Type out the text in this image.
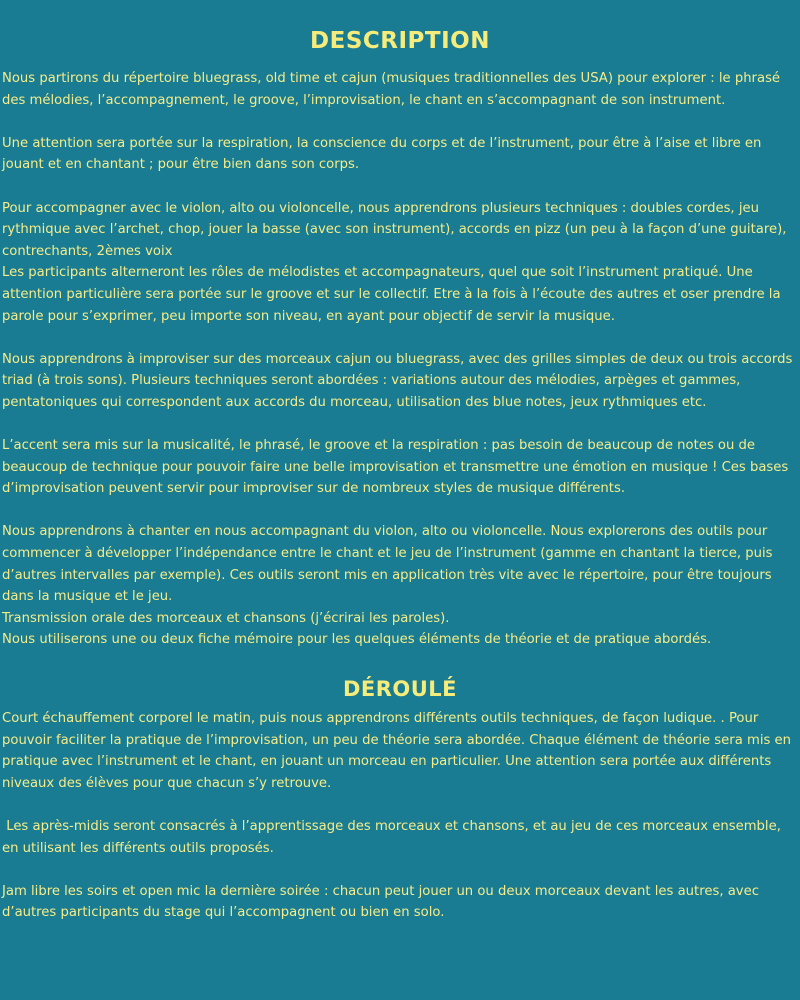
DESCRIPTION

Nous partirons du répertoire bluegrass, old time et cajun (musiques traditionnelles des USA) pour explorer : le phrasé des mélodies, l’accompagnement, le groove, l’improvisation, le chant en s’accompagnant de son instrument.

Une attention sera portée sur la respiration, la conscience du corps et de l’instrument, pour être à l’aise et libre en jouant et en chantant ; pour être bien dans son corps.

Pour accompagner avec le violon, alto ou violoncelle, nous apprendrons plusieurs techniques : doubles cordes, jeu rythmique avec l’archet, chop, jouer la basse (avec son instrument), accords en pizz (un peu à la façon d’une guitare), contrechants, 2èmes voix

Les participants alterneront les rôles de mélodistes et accompagnateurs, quel que soit l’instrument pratiqué. Une attention particulière sera portée sur le groove et sur le collectif. Etre à la fois à l’écoute des autres et oser prendre la parole pour s’exprimer, peu importe son niveau, en ayant pour objectif de servir la musique.

Nous apprendrons à improviser sur des morceaux cajun ou bluegrass, avec des grilles simples de deux ou trois accords triad (à trois sons). Plusieurs techniques seront abordées : variations autour des mélodies, arpèges et gammes, pentatoniques qui correspondent aux accords du morceau, utilisation des blue notes, jeux rythmiques etc.

L’accent sera mis sur la musicalité, le phrasé, le groove et la respiration : pas besoin de beaucoup de notes ou de beaucoup de technique pour pouvoir faire une belle improvisation et transmettre une émotion en musique ! Ces bases d’improvisation peuvent servir pour improviser sur de nombreux styles de musique différents.

Nous apprendrons à chanter en nous accompagnant du violon, alto ou violoncelle. Nous explorerons des outils pour commencer à développer l’indépendance entre le chant et le jeu de l’instrument (gamme en chantant la tierce, puis d’autres intervalles par exemple). Ces outils seront mis en application très vite avec le répertoire, pour être toujours dans la musique et le jeu.

Transmission orale des morceaux et chansons (j’écrirai les paroles).

Nous utiliserons une ou deux fiche mémoire pour les quelques éléments de théorie et de pratique abordés.

DÉROULÉ

Court échauffement corporel le matin, puis nous apprendrons différents outils techniques, de façon ludique. . Pour pouvoir faciliter la pratique de l’improvisation, un peu de théorie sera abordée. Chaque élément de théorie sera mis en pratique avec l’instrument et le chant, en jouant un morceau en particulier. Une attention sera portée aux différents niveaux des élèves pour que chacun s’y retrouve.

Les après-midis seront consacrés à l’apprentissage des morceaux et chansons, et au jeu de ces morceaux ensemble, en utilisant les différents outils proposés.

Jam libre les soirs et open mic la dernière soirée : chacun peut jouer un ou deux morceaux devant les autres, avec d’autres participants du stage qui l’accompagnent ou bien en solo.
